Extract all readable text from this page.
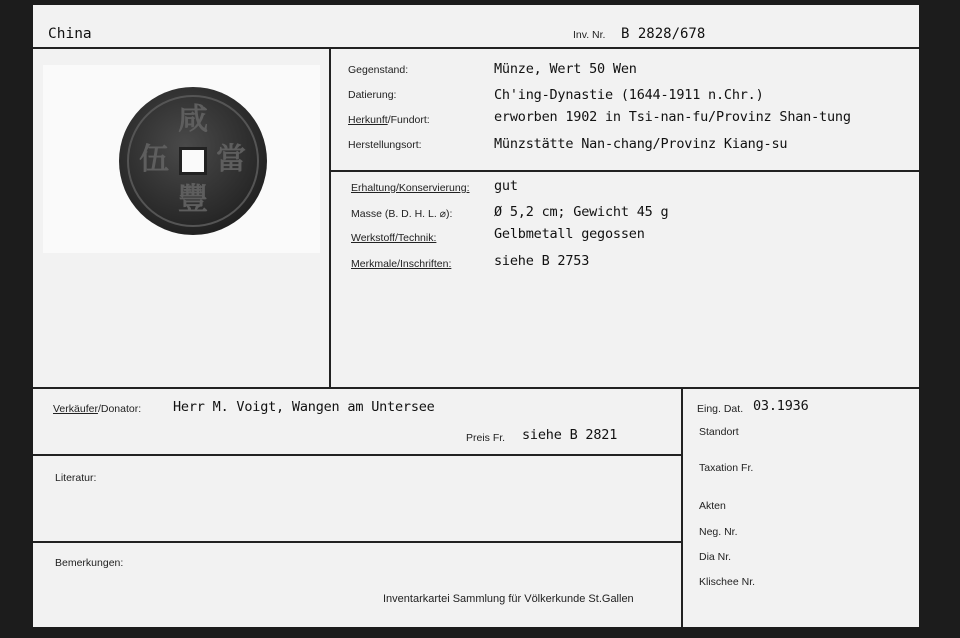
China	Inv. Nr. B 2828/678
咸
豐
當
伍
Gegenstand:	Münze, Wert 50 Wen
Datierung:	Ch'ing-Dynastie (1644-1911 n.Chr.)
Herkunft/Fundort:	erworben 1902 in Tsi-nan-fu/Provinz Shan-tung
Herstellungsort:	Münzstätte Nan-chang/Provinz Kiang-su
Erhaltung/Konservierung: gut
Masse (B. D. H. L. ⌀):	Ø 5,2 cm; Gewicht 45 g
Werkstoff/Technik:	Gelbmetall gegossen
Merkmale/Inschriften:	siehe B 2753
Verkäufer/Donator: Herr M. Voigt, Wangen am Untersee
Preis Fr. siehe B 2821
Literatur:
Bemerkungen:
Inventarkartei Sammlung für Völkerkunde St.Gallen
Eing. Dat. 03.1936
Standort
Taxation Fr.
Akten
Neg. Nr.
Dia Nr.
Klischee Nr.
